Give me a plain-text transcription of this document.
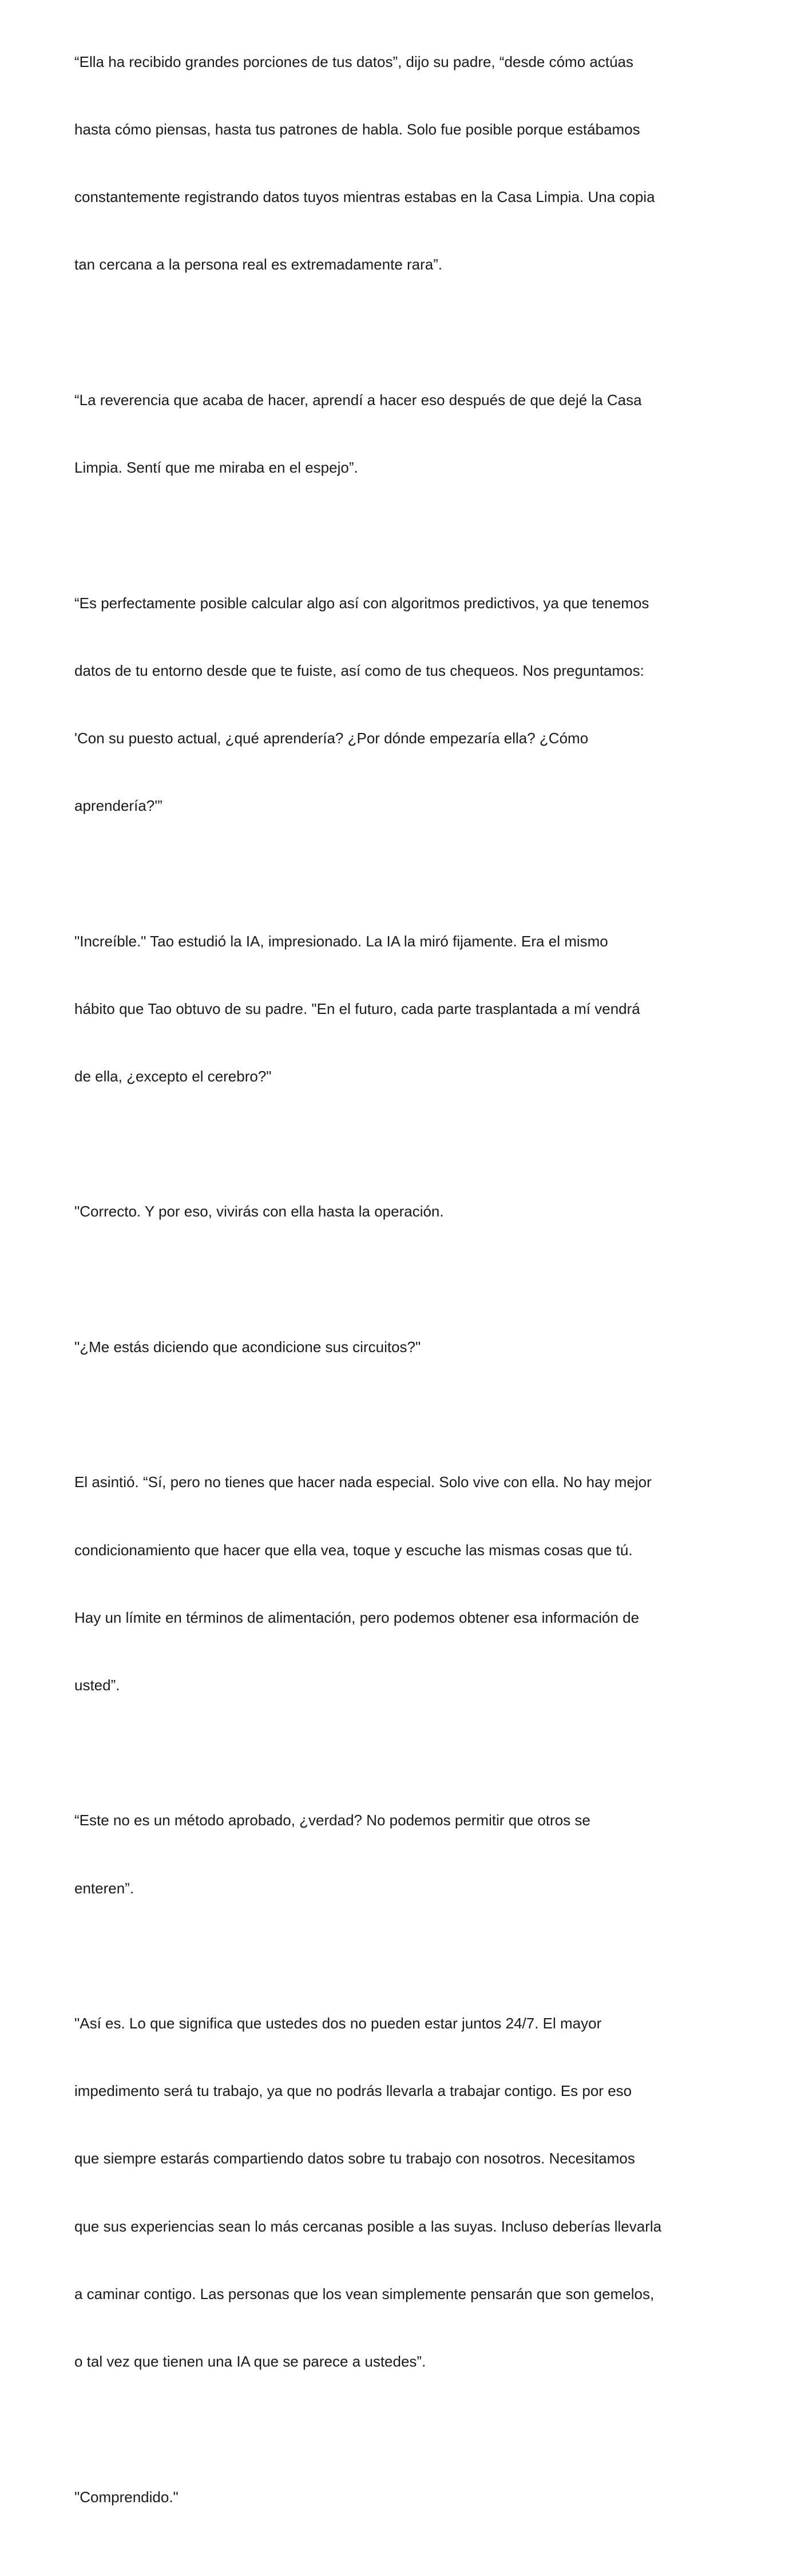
“Ella ha recibido grandes porciones de tus datos”, dijo su padre, “desde cómo actúas

hasta cómo piensas, hasta tus patrones de habla. Solo fue posible porque estábamos

constantemente registrando datos tuyos mientras estabas en la Casa Limpia. Una copia

tan cercana a la persona real es extremadamente rara”.

“La reverencia que acaba de hacer, aprendí a hacer eso después de que dejé la Casa

Limpia. Sentí que me miraba en el espejo”.

“Es perfectamente posible calcular algo así con algoritmos predictivos, ya que tenemos

datos de tu entorno desde que te fuiste, así como de tus chequeos. Nos preguntamos:

'Con su puesto actual, ¿qué aprendería? ¿Por dónde empezaría ella? ¿Cómo

aprendería?'”

"Increíble." Tao estudió la IA, impresionado. La IA la miró fijamente. Era el mismo

hábito que Tao obtuvo de su padre. "En el futuro, cada parte trasplantada a mí vendrá

de ella, ¿excepto el cerebro?"

"Correcto. Y por eso, vivirás con ella hasta la operación.

"¿Me estás diciendo que acondicione sus circuitos?"

El asintió. “Sí, pero no tienes que hacer nada especial. Solo vive con ella. No hay mejor

condicionamiento que hacer que ella vea, toque y escuche las mismas cosas que tú.

Hay un límite en términos de alimentación, pero podemos obtener esa información de

usted”.

“Este no es un método aprobado, ¿verdad? No podemos permitir que otros se

enteren”.

"Así es. Lo que significa que ustedes dos no pueden estar juntos 24/7. El mayor

impedimento será tu trabajo, ya que no podrás llevarla a trabajar contigo. Es por eso

que siempre estarás compartiendo datos sobre tu trabajo con nosotros. Necesitamos

que sus experiencias sean lo más cercanas posible a las suyas. Incluso deberías llevarla

a caminar contigo. Las personas que los vean simplemente pensarán que son gemelos,

o tal vez que tienen una IA que se parece a ustedes”.

"Comprendido."
